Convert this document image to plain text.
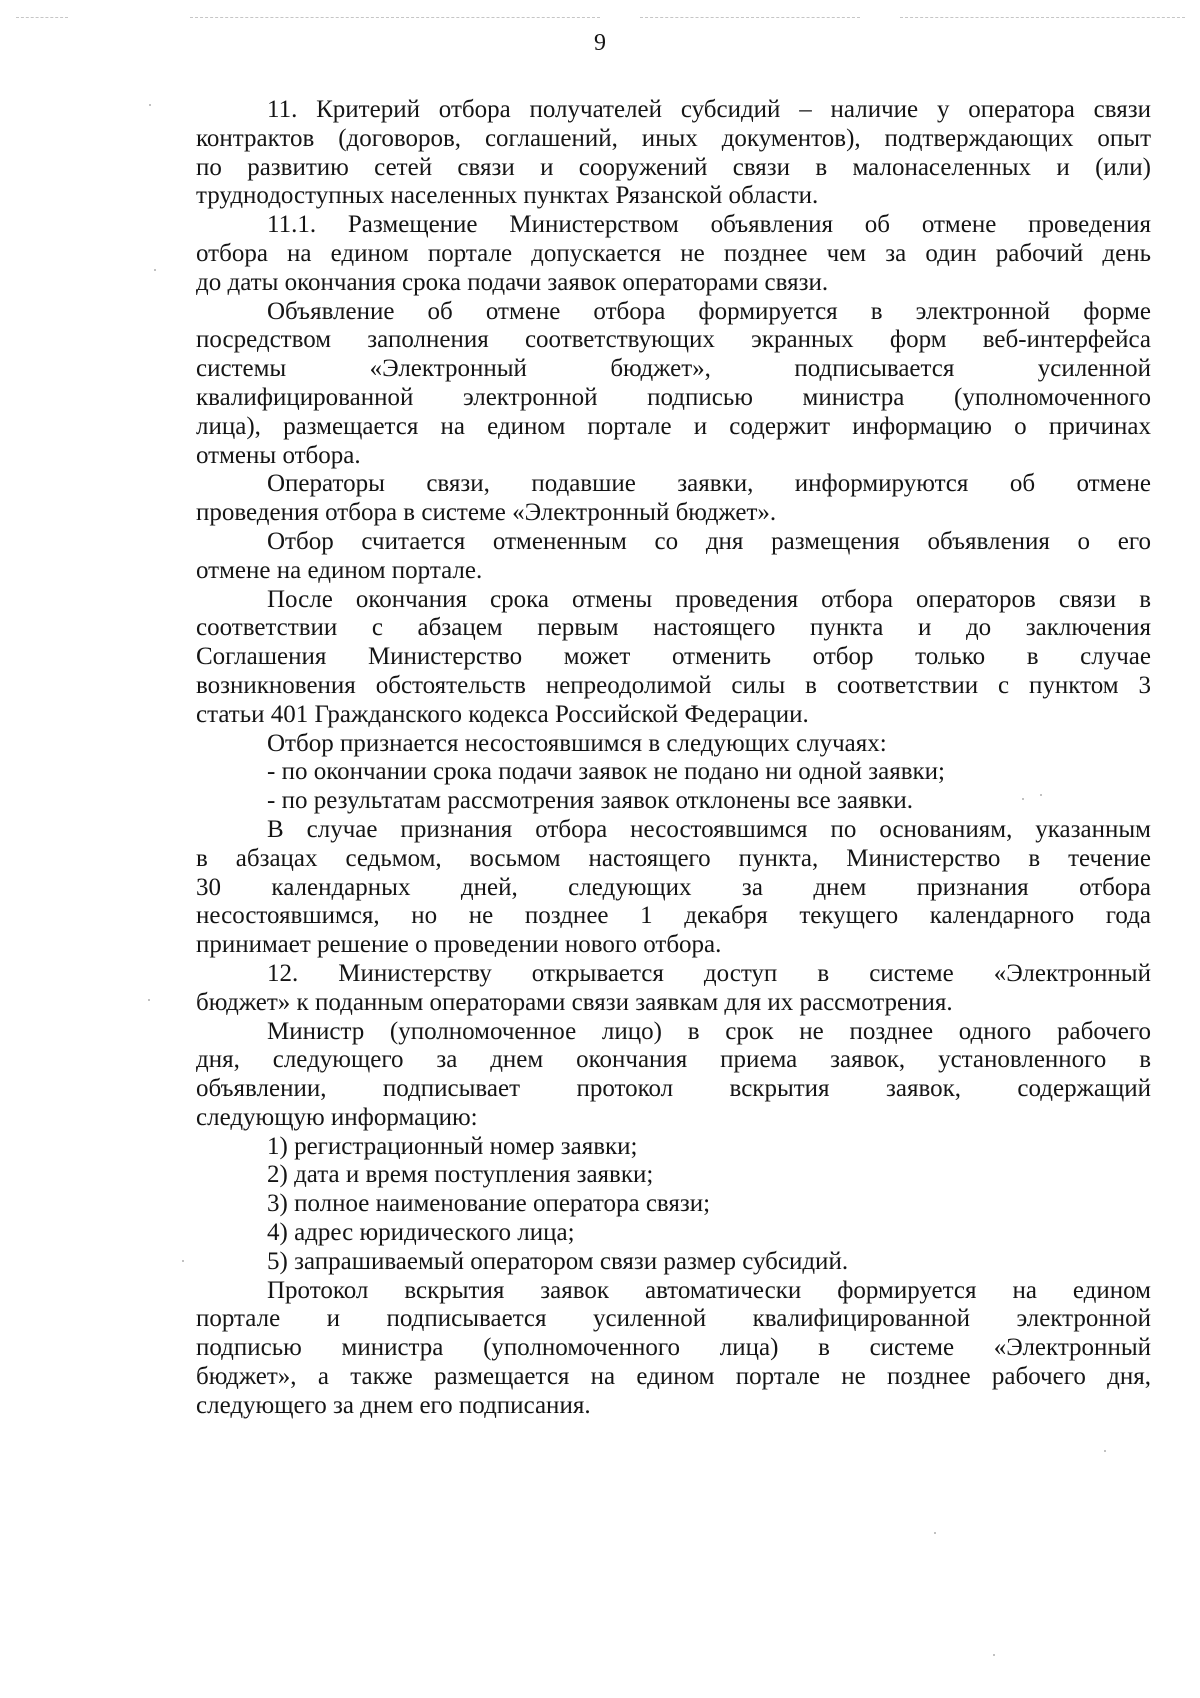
9
11. Критерий отбора получателей субсидий – наличие у оператора связи
контрактов (договоров, соглашений, иных документов), подтверждающих опыт
по развитию сетей связи и сооружений связи в малонаселенных и (или)
труднодоступных населенных пунктах Рязанской области.
11.1. Размещение Министерством объявления об отмене проведения
отбора на едином портале допускается не позднее чем за один рабочий день
до даты окончания срока подачи заявок операторами связи.
Объявление об отмене отбора формируется в электронной форме
посредством заполнения соответствующих экранных форм веб-интерфейса
системы «Электронный бюджет», подписывается усиленной
квалифицированной электронной подписью министра (уполномоченного
лица), размещается на едином портале и содержит информацию о причинах
отмены отбора.
Операторы связи, подавшие заявки, информируются об отмене
проведения отбора в системе «Электронный бюджет».
Отбор считается отмененным со дня размещения объявления о его
отмене на едином портале.
После окончания срока отмены проведения отбора операторов связи в
соответствии с абзацем первым настоящего пункта и до заключения
Соглашения Министерство может отменить отбор только в случае
возникновения обстоятельств непреодолимой силы в соответствии с пунктом 3
статьи 401 Гражданского кодекса Российской Федерации.
Отбор признается несостоявшимся в следующих случаях:
- по окончании срока подачи заявок не подано ни одной заявки;
- по результатам рассмотрения заявок отклонены все заявки.
В случае признания отбора несостоявшимся по основаниям, указанным
в абзацах седьмом, восьмом настоящего пункта, Министерство в течение
30 календарных дней, следующих за днем признания отбора
несостоявшимся, но не позднее 1 декабря текущего календарного года
принимает решение о проведении нового отбора.
12. Министерству открывается доступ в системе «Электронный
бюджет» к поданным операторами связи заявкам для их рассмотрения.
Министр (уполномоченное лицо) в срок не позднее одного рабочего
дня, следующего за днем окончания приема заявок, установленного в
объявлении, подписывает протокол вскрытия заявок, содержащий
следующую информацию:
1) регистрационный номер заявки;
2) дата и время поступления заявки;
3) полное наименование оператора связи;
4) адрес юридического лица;
5) запрашиваемый оператором связи размер субсидий.
Протокол вскрытия заявок автоматически формируется на едином
портале и подписывается усиленной квалифицированной электронной
подписью министра (уполномоченного лица) в системе «Электронный
бюджет», а также размещается на едином портале не позднее рабочего дня,
следующего за днем его подписания.
